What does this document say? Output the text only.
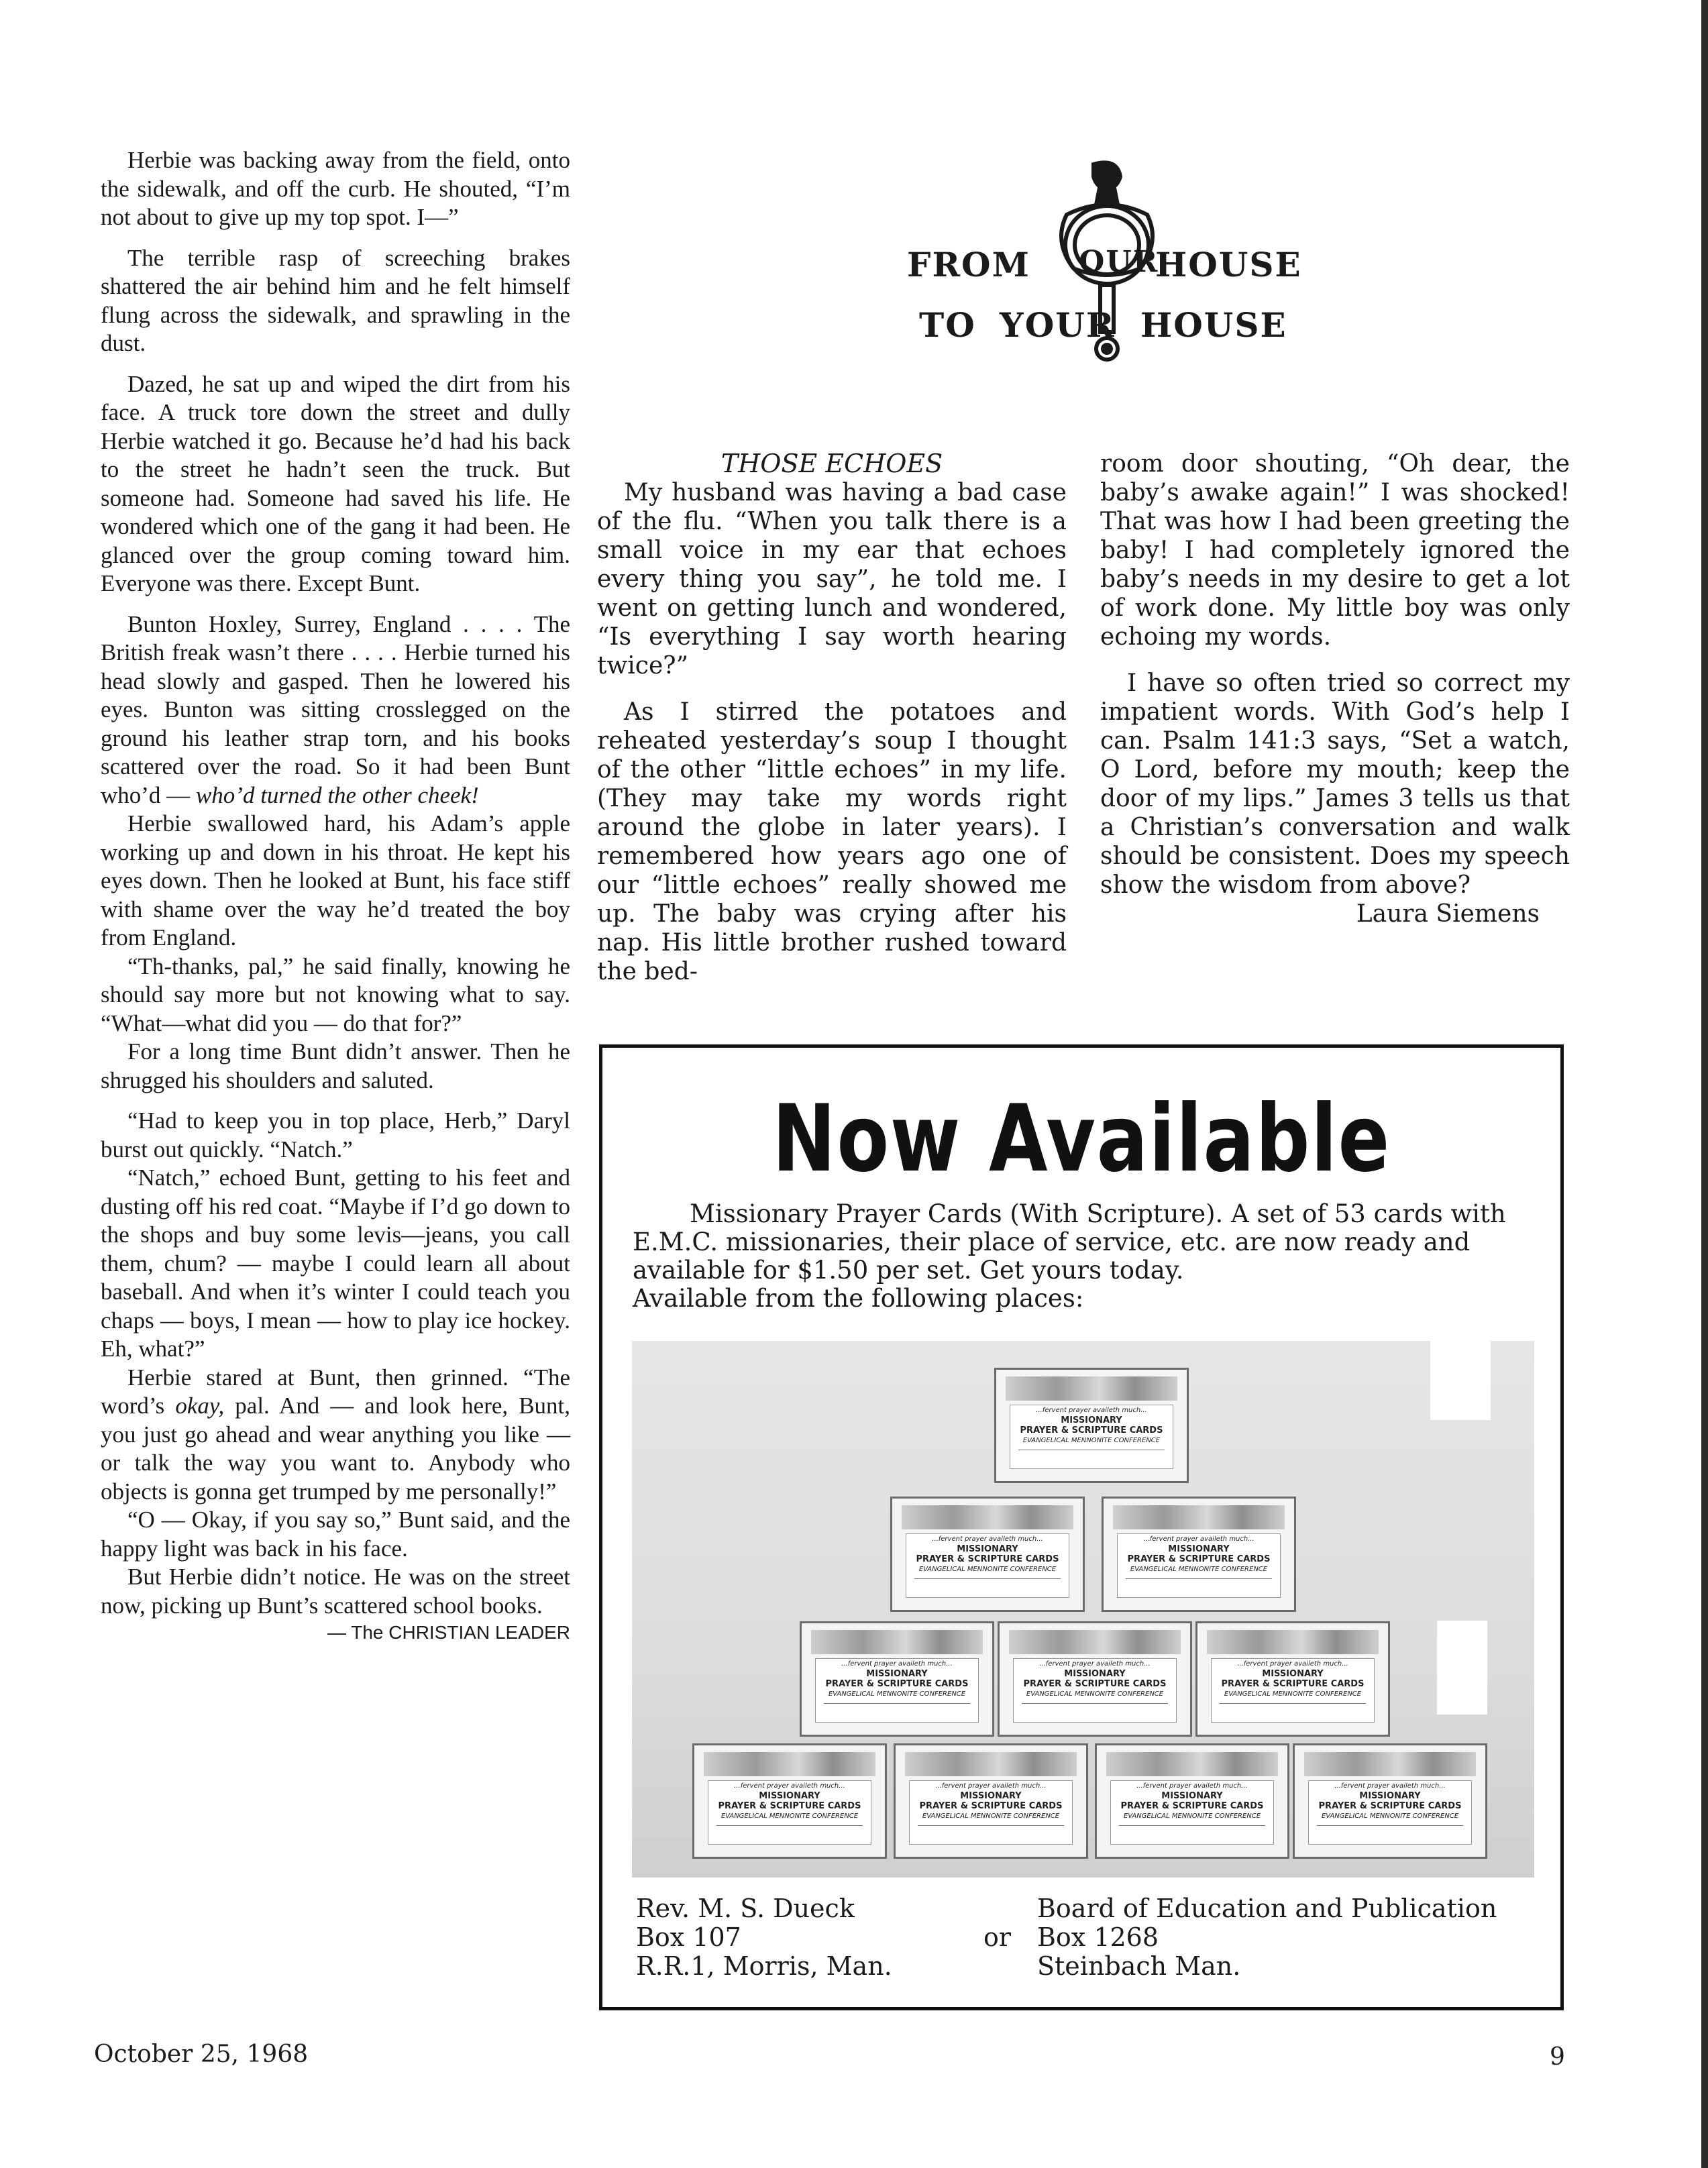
Herbie was backing away from the field, onto the sidewalk, and off the curb. He shouted, “I’m not about to give up my top spot. I—”

The terrible rasp of screeching brakes shattered the air behind him and he felt himself flung across the sidewalk, and sprawling in the dust.

Dazed, he sat up and wiped the dirt from his face. A truck tore down the street and dully Herbie watched it go. Because he’d had his back to the street he hadn’t seen the truck. But someone had. Someone had saved his life. He wondered which one of the gang it had been. He glanced over the group coming toward him. Everyone was there. Except Bunt.

Bunton Hoxley, Surrey, England . . . . The British freak wasn’t there . . . . Herbie turned his head slowly and gasped. Then he lowered his eyes. Bunton was sitting crosslegged on the ground his leather strap torn, and his books scattered over the road. So it had been Bunt who’d — who’d turned the other cheek!

Herbie swallowed hard, his Adam’s apple working up and down in his throat. He kept his eyes down. Then he looked at Bunt, his face stiff with shame over the way he’d treated the boy from England.

“Th-thanks, pal,” he said finally, knowing he should say more but not knowing what to say. “What—what did you — do that for?”

For a long time Bunt didn’t answer. Then he shrugged his shoulders and saluted.

“Had to keep you in top place, Herb,” Daryl burst out quickly. “Natch.”

“Natch,” echoed Bunt, getting to his feet and dusting off his red coat. “Maybe if I’d go down to the shops and buy some levis—jeans, you call them, chum? — maybe I could learn all about baseball. And when it’s winter I could teach you chaps — boys, I mean — how to play ice hockey. Eh, what?”

Herbie stared at Bunt, then grinned. “The word’s okay, pal. And — and look here, Bunt, you just go ahead and wear anything you like — or talk the way you want to. Anybody who objects is gonna get trumped by me personally!”

“O — Okay, if you say so,” Bunt said, and the happy light was back in his face.

But Herbie didn’t notice. He was on the street now, picking up Bunt’s scattered school books.

— The CHRISTIAN LEADER
FROM OUR
HOUSE
TO YOUR HOUSE

THOSE ECHOES

My husband was having a bad case of the flu. “When you talk there is a small voice in my ear that echoes every thing you say”, he told me. I went on getting lunch and wondered, “Is everything I say worth hearing twice?”

As I stirred the potatoes and reheated yesterday’s soup I thought of the other “little echoes” in my life. (They may take my words right around the globe in later years). I remembered how years ago one of our “little echoes” really showed me up. The baby was crying after his nap. His little brother rushed toward the bed-

room door shouting, “Oh dear, the baby’s awake again!” I was shocked! That was how I had been greeting the baby! I had completely ignored the baby’s needs in my desire to get a lot of work done. My little boy was only echoing my words.

I have so often tried so correct my impatient words. With God’s help I can. Psalm 141:3 says, “Set a watch, O Lord, before my mouth; keep the door of my lips.” James 3 tells us that a Christian’s conversation and walk should be consistent. Does my speech show the wisdom from above?

Laura Siemens

Now Available

Missionary Prayer Cards (With Scripture). A set of 53 cards with E.M.C. missionaries, their place of service, etc. are now ready and available for $1.50 per set. Get yours today.

Available from the following places:

...fervent prayer availeth much...
MISSIONARY
PRAYER & SCRIPTURE CARDS
EVANGELICAL MENNONITE CONFERENCE
...fervent prayer availeth much...
MISSIONARY
PRAYER & SCRIPTURE CARDS
EVANGELICAL MENNONITE CONFERENCE
...fervent prayer availeth much...
MISSIONARY
PRAYER & SCRIPTURE CARDS
EVANGELICAL MENNONITE CONFERENCE
...fervent prayer availeth much...
MISSIONARY
PRAYER & SCRIPTURE CARDS
EVANGELICAL MENNONITE CONFERENCE
...fervent prayer availeth much...
MISSIONARY
PRAYER & SCRIPTURE CARDS
EVANGELICAL MENNONITE CONFERENCE
...fervent prayer availeth much...
MISSIONARY
PRAYER & SCRIPTURE CARDS
EVANGELICAL MENNONITE CONFERENCE
...fervent prayer availeth much...
MISSIONARY
PRAYER & SCRIPTURE CARDS
EVANGELICAL MENNONITE CONFERENCE
...fervent prayer availeth much...
MISSIONARY
PRAYER & SCRIPTURE CARDS
EVANGELICAL MENNONITE CONFERENCE
...fervent prayer availeth much...
MISSIONARY
PRAYER & SCRIPTURE CARDS
EVANGELICAL MENNONITE CONFERENCE
...fervent prayer availeth much...
MISSIONARY
PRAYER & SCRIPTURE CARDS
EVANGELICAL MENNONITE CONFERENCE
Rev. M. S. Dueck
Box 107
R.R.1, Morris, Man.
or
Board of Education and Publication
Box 1268
Steinbach Man.
October 25, 1968	9
